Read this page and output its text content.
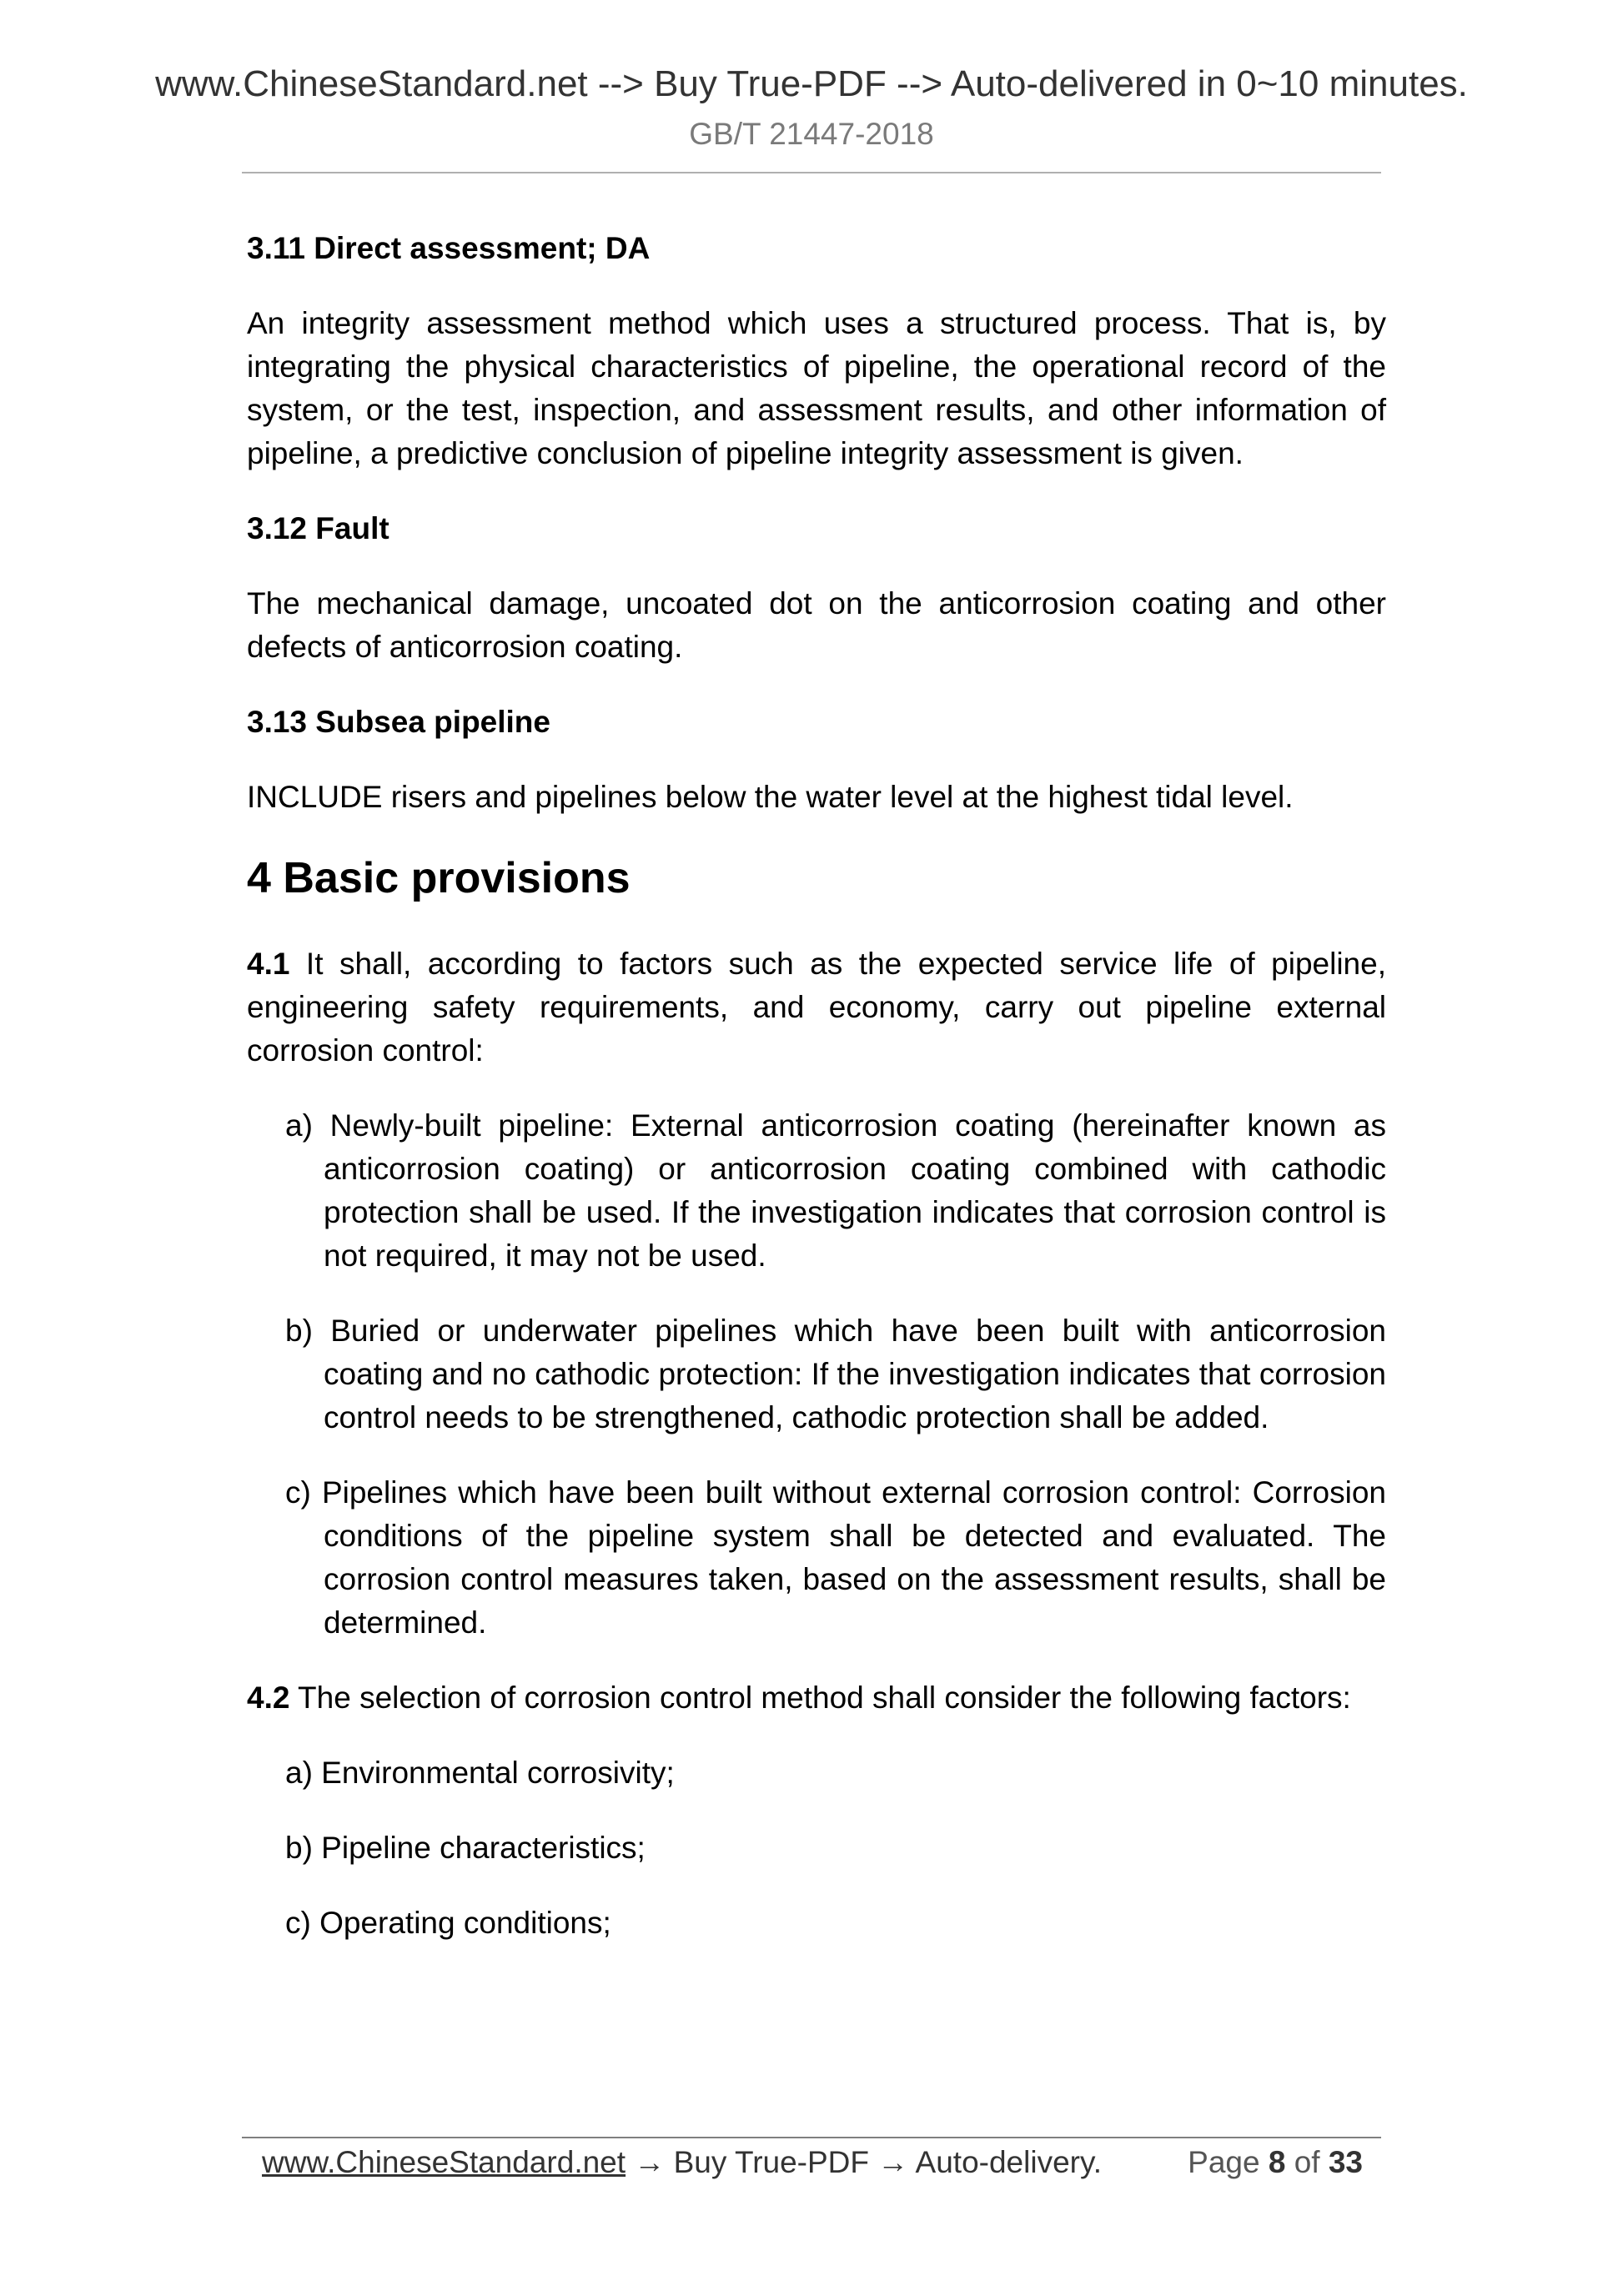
www.ChineseStandard.net --> Buy True-PDF --> Auto-delivered in 0~10 minutes.
GB/T 21447-2018
3.11 Direct assessment; DA

An integrity assessment method which uses a structured process. That is, by integrating the physical characteristics of pipeline, the operational record of the system, or the test, inspection, and assessment results, and other information of pipeline, a predictive conclusion of pipeline integrity assessment is given.

3.12 Fault

The mechanical damage, uncoated dot on the anticorrosion coating and other defects of anticorrosion coating.

3.13 Subsea pipeline

INCLUDE risers and pipelines below the water level at the highest tidal level.

4 Basic provisions

4.1 It shall, according to factors such as the expected service life of pipeline, engineering safety requirements, and economy, carry out pipeline external corrosion control:

a) Newly-built pipeline: External anticorrosion coating (hereinafter known as anticorrosion coating) or anticorrosion coating combined with cathodic protection shall be used. If the investigation indicates that corrosion control is not required, it may not be used.
b) Buried or underwater pipelines which have been built with anticorrosion coating and no cathodic protection: If the investigation indicates that corrosion control needs to be strengthened, cathodic protection shall be added.
c) Pipelines which have been built without external corrosion control: Corrosion conditions of the pipeline system shall be detected and evaluated. The corrosion control measures taken, based on the assessment results, shall be determined.

4.2 The selection of corrosion control method shall consider the following factors:

a) Environmental corrosivity;
b) Pipeline characteristics;
c) Operating conditions;
www.ChineseStandard.net → Buy True-PDF → Auto-delivery.	Page 8 of 33
